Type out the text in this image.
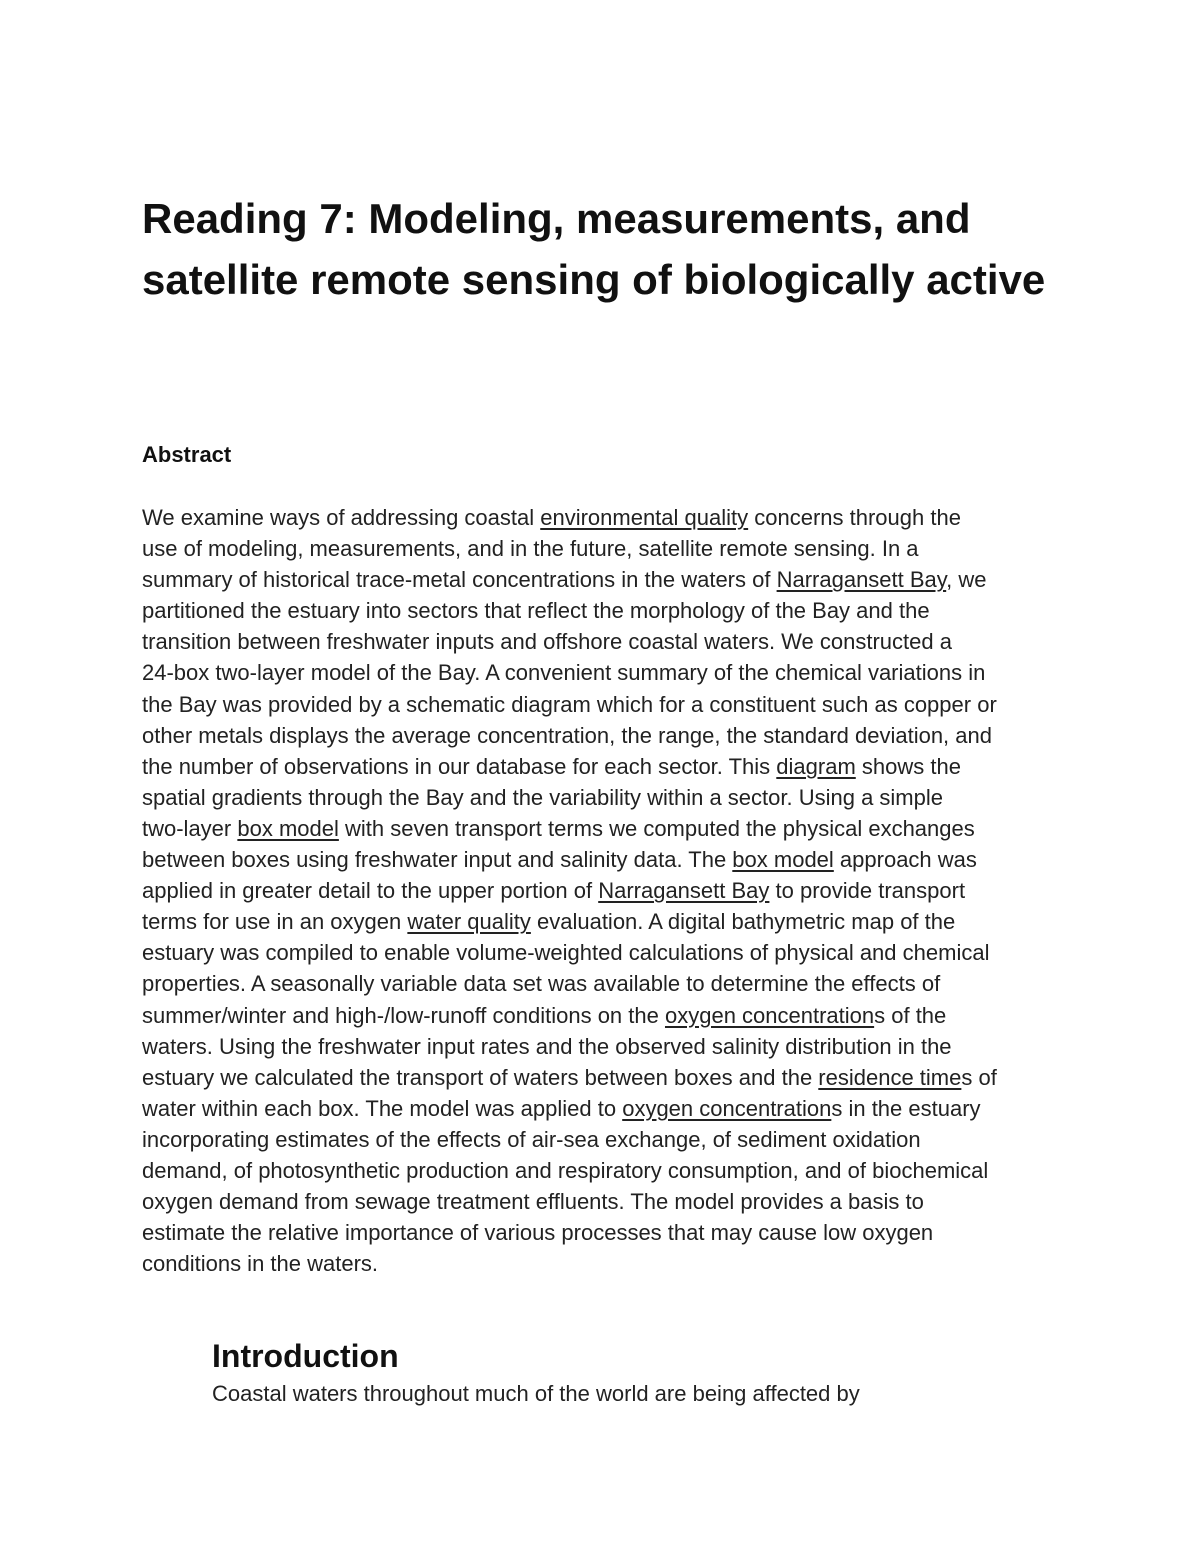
Reading 7: Modeling, measurements, and satellite remote sensing of biologically active
Abstract

We examine ways of addressing coastal environmental quality concerns through the
use of modeling, measurements, and in the future, satellite remote sensing. In a
summary of historical trace-metal concentrations in the waters of Narragansett Bay, we
partitioned the estuary into sectors that reflect the morphology of the Bay and the
transition between freshwater inputs and offshore coastal waters. We constructed a
24-box two-layer model of the Bay. A convenient summary of the chemical variations in
the Bay was provided by a schematic diagram which for a constituent such as copper or
other metals displays the average concentration, the range, the standard deviation, and
the number of observations in our database for each sector. This diagram shows the
spatial gradients through the Bay and the variability within a sector. Using a simple
two-layer box model with seven transport terms we computed the physical exchanges
between boxes using freshwater input and salinity data. The box model approach was
applied in greater detail to the upper portion of Narragansett Bay to provide transport
terms for use in an oxygen water quality evaluation. A digital bathymetric map of the
estuary was compiled to enable volume-weighted calculations of physical and chemical
properties. A seasonally variable data set was available to determine the effects of
summer/winter and high-/low-runoff conditions on the oxygen concentrations of the
waters. Using the freshwater input rates and the observed salinity distribution in the
estuary we calculated the transport of waters between boxes and the residence times of
water within each box. The model was applied to oxygen concentrations in the estuary
incorporating estimates of the effects of air-sea exchange, of sediment oxidation
demand, of photosynthetic production and respiratory consumption, and of biochemical
oxygen demand from sewage treatment effluents. The model provides a basis to
estimate the relative importance of various processes that may cause low oxygen
conditions in the waters.

Introduction

Coastal waters throughout much of the world are being affected by
